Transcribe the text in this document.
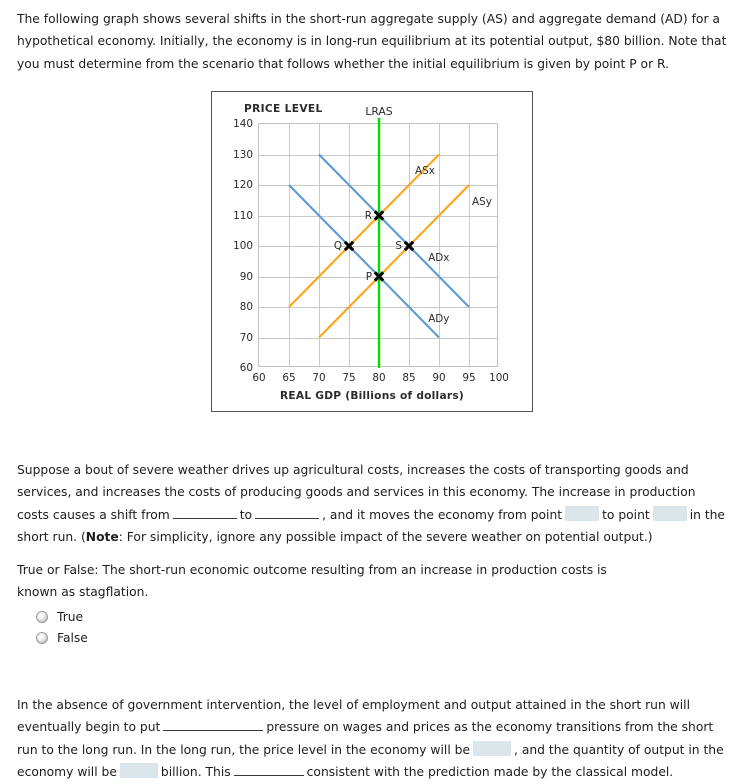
The following graph shows several shifts in the short-run aggregate supply (AS) and aggregate demand (AD) for a hypothetical economy. Initially, the economy is in long-run equilibrium at its potential output, $80 billion. Note that you must determine from the scenario that follows whether the initial equilibrium is given by point P or R.

PRICE LEVEL
60
70
80
90
100
110
120
130
140
60 65 70 75 80 85 90 95 100
LRAS
ADx
ADy
ASx
ASy
R
Q	S
P
REAL GDP (Billions of dollars)

Suppose a bout of severe weather drives up agricultural costs, increases the costs of transporting goods and services, and increases the costs of producing goods and services in this economy. The increase in production costs causes a shift from	to	, and it moves the economy from point	to point	in the short run. (Note: For simplicity, ignore any possible impact of the severe weather on potential output.)

True or False: The short-run economic outcome resulting from an increase in production costs is known as stagflation.

True
False

In the absence of government intervention, the level of employment and output attained in the short run will eventually begin to put	pressure on wages and prices as the economy transitions from the short run to the long run. In the long run, the price level in the economy will be	, and the quantity of output in the economy will be	billion. This	consistent with the prediction made by the classical model.
